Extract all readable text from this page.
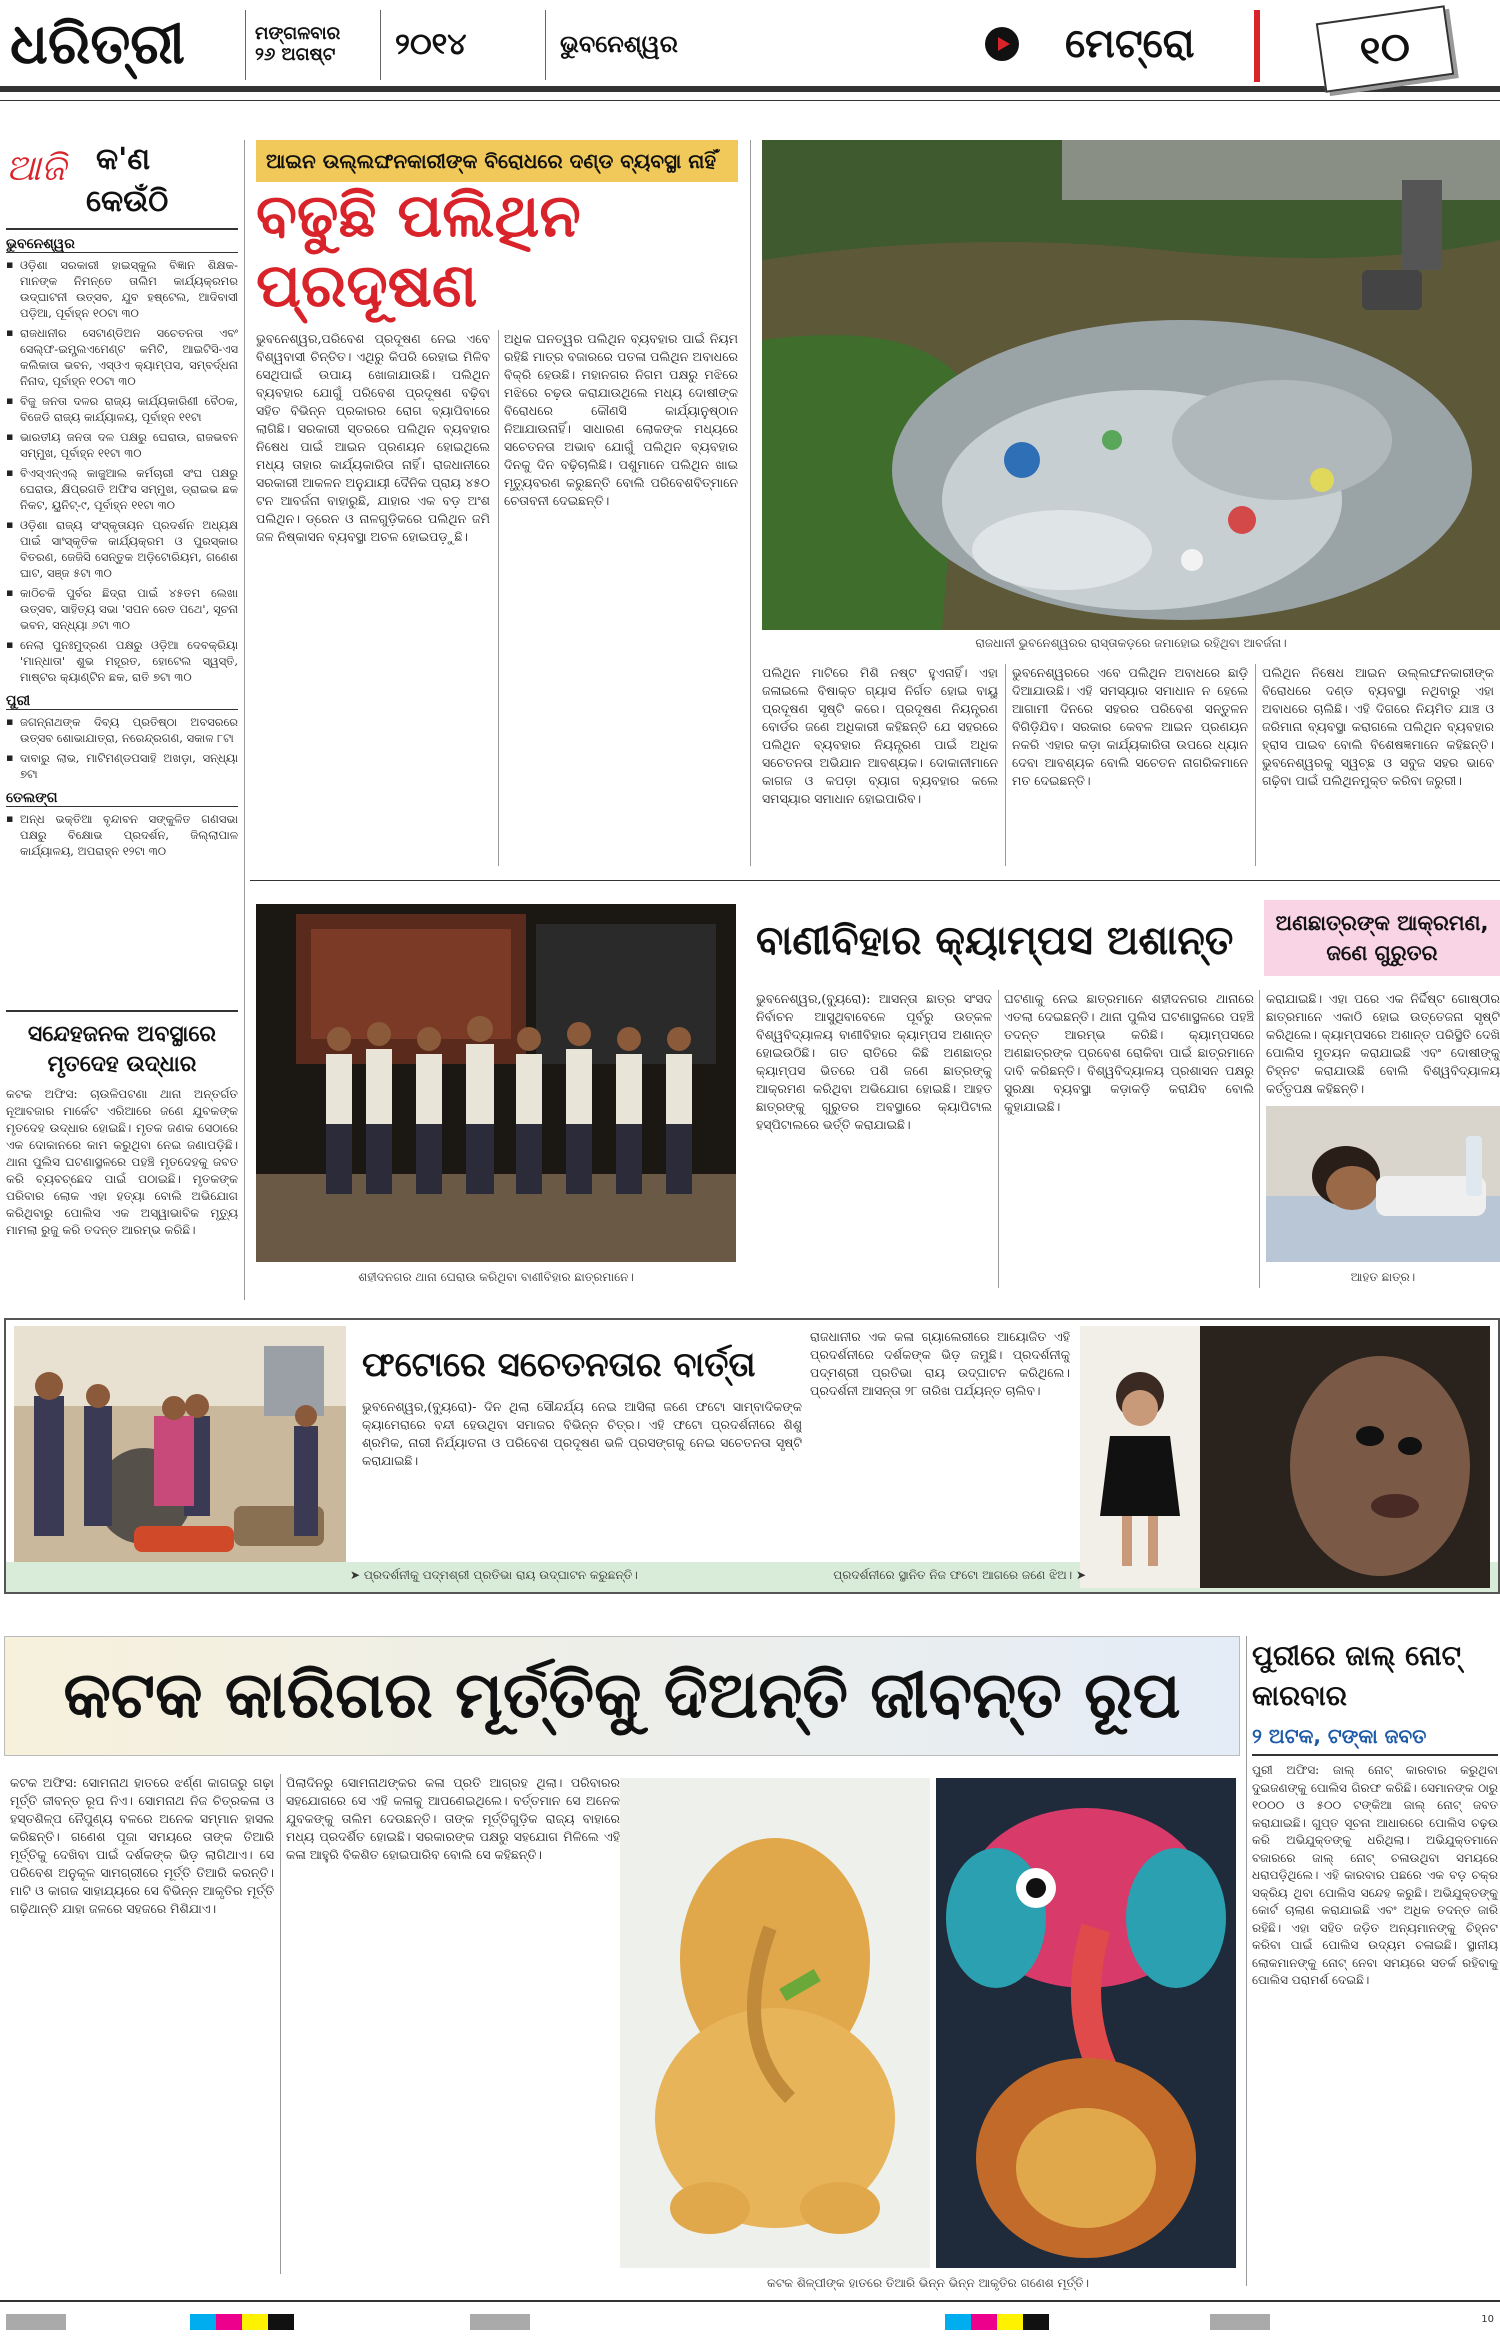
ଧରିତ୍ରୀ	ମଙ୍ଗଳବାର
୨୬ ଅଗଷ୍ଟ ୨୦୧୪	ଭୁବନେଶ୍ୱର	ମେଟ୍ରୋ	୧୦
ଆଜି କ'ଣ
କେଉଁଠି
ଭୁବନେଶ୍ୱର
▪ ଓଡ଼ିଶା ସରକାରୀ ହାଇସ୍କୁଲ ବିଜ୍ଞାନ ଶିକ୍ଷକ-ମାନଙ୍କ ନିମନ୍ତେ ତାଲିମ କାର୍ଯ୍ୟକ୍ରମର ଉଦ୍‌ଘାଟନୀ ଉତ୍ସବ, ଯୁବ ହଷ୍ଟେଲ, ଆଦିବାସୀ ପଡ଼ିଆ, ପୂର୍ବାହ୍ନ ୧୦ଟା ୩୦
▪ ରାଜଧାନୀର ସେଟାଣ୍ଡିଅନ ସଚେତନତା ଏବଂ ସେଲ୍ଫ-ଇମ୍ପ୍ଲଏମେଣ୍ଟ କମିଟି, ଆଇଟିସି-ଏସ କଲିକାତା ଭବନ, ଏସ୍‌ଓଏ କ୍ୟାମ୍ପସ, ସମ୍ବର୍ଦ୍ଧନା ନିନାଦ, ପୂର୍ବାହ୍ନ ୧୦ଟା ୩୦
▪ ବିଜୁ ଜନତା ଦଳର ରାଜ୍ୟ କାର୍ଯ୍ୟକାରିଣୀ ବୈଠକ, ବିଜେଡି ରାଜ୍ୟ କାର୍ଯ୍ୟାଳୟ, ପୂର୍ବାହ୍ନ ୧୧ଟା
▪ ଭାରତୀୟ ଜନତା ଦଳ ପକ୍ଷରୁ ଘେରାଉ, ରାଜଭବନ ସମ୍ମୁଖ, ପୂର୍ବାହ୍ନ ୧୧ଟା ୩୦
▪ ବିଏସ୍‌ଏନ୍‌ଏଲ୍ କାଜୁଆଲ କର୍ମଚାରୀ ସଂଘ ପକ୍ଷରୁ ଘେରାଉ, କ୍ଷିପ୍ରଗତି ଅଫିସ ସମ୍ମୁଖ, ଡ୍ରାଇଭ ଛକ ନିକଟ, ୟୁନିଟ୍-୯, ପୂର୍ବାହ୍ନ ୧୧ଟା ୩୦
▪ ଓଡ଼ିଶା ରାଜ୍ୟ ସଂସ୍କୃତାୟନ ପ୍ରଦର୍ଶନ ଅଧ୍ୟକ୍ଷ ପାଇଁ ସାଂସ୍କୃତିକ କାର୍ଯ୍ୟକ୍ରମ ଓ ପୁରସ୍କାର ବିତରଣ, ଜେଜିସି ସେନ୍ତୁକ ଅଡ଼ିଟୋରିୟମ, ଗଣେଶ ଘାଟ, ସଞ୍ଜ ୫ଟା ୩୦
▪ କାଠିଚକି ପୁର୍ବର ଛିଦ୍ରା ପାଇଁ ୪୫ତମ ଲେଖା ଉତ୍ସବ, ସାହିତ୍ୟ ସଭା 'ସପନ ରେତ ପଥେ', ସୂଚନା ଭବନ, ସନ୍ଧ୍ୟା ୬ଟା ୩୦
▪ ନେଲା ପୁନଃମୁଦ୍ରଣ ପକ୍ଷରୁ ଓଡ଼ିଆ ଦେବକ୍ରିୟା 'ମାନ୍ଧାତା' ଶୁଭ ମହୂରତ, ହୋଟେଲ ସ୍ୱସ୍ତି, ମାଷ୍ଟର କ୍ୟାଣ୍ଟିନ ଛକ, ରାତି ୭ଟା ୩୦
ପୁରୀ
▪ ଜଗନ୍ନାଥଙ୍କ ଦିବ୍ୟ ପ୍ରତିଷ୍ଠା ଅବସରରେ ଉତ୍ସବ ଶୋଭାଯାତ୍ରା, ନରେନ୍ଦ୍ରଗଣ, ସକାଳ ୮ଟା
▪ ଦାବାରୁ ଲାଭ, ମାଟିମଣ୍ଡପସାହି ଅଖଡ଼ା, ସନ୍ଧ୍ୟା ୭ଟା
ତେଲଙ୍ଗ
▪ ଅନ୍ଧ ଭକ୍ତିଆ ବୃନ୍ଦାବନ ସଙ୍କୁଳିତ ଗଣସଭା ପକ୍ଷରୁ ବିକ୍ଷୋଭ ପ୍ରଦର୍ଶନ, ଜିଲ୍ଲାପାଳ କାର୍ଯ୍ୟାଳୟ, ଅପରାହ୍ନ ୧୨ଟା ୩୦
ସନ୍ଦେହଜନକ ଅବସ୍ଥାରେ ମୃତଦେହ ଉଦ୍ଧାର
କଟକ ଅଫିସ: ଚାଉଳିପଟଣା ଥାନା ଅନ୍ତର୍ଗତ ନୂଆବଜାର ମାର୍କେଟ ଏରିଆରେ ଜଣେ ଯୁବକଙ୍କ ମୃତଦେହ ଉଦ୍ଧାର ହୋଇଛି। ମୃତକ ଜଣକ ସେଠାରେ ଏକ ଦୋକାନରେ କାମ କରୁଥିବା ନେଇ ଜଣାପଡ଼ିଛି। ଥାନା ପୁଲିସ ଘଟଣାସ୍ଥଳରେ ପହଞ୍ଚି ମୃତଦେହକୁ ଜବତ କରି ବ୍ୟବଚ୍ଛେଦ ପାଇଁ ପଠାଇଛି। ମୃତକଙ୍କ ପରିବାର ଲୋକ ଏହା ହତ୍ୟା ବୋଲି ଅଭିଯୋଗ କରିଥିବାରୁ ପୋଲିସ ଏକ ଅସ୍ୱାଭାବିକ ମୃତ୍ୟୁ ମାମଲା ରୁଜୁ କରି ତଦନ୍ତ ଆରମ୍ଭ କରିଛି।
ଆଇନ ଉଲ୍ଲଙ୍ଘନକାରୀଙ୍କ ବିରୋଧରେ ଦଣ୍ଡ ବ୍ୟବସ୍ଥା ନାହିଁ
ବଢୁଛି ପଲିଥିନ ପ୍ରଦୂଷଣ
ରାଜଧାନୀ ଭୁବନେଶ୍ୱରର ରାସ୍ତାକଡ଼ରେ ଜମାହୋଇ ରହିଥିବା ଆବର୍ଜନା।
ଭୁବନେଶ୍ୱର,ପରିବେଶ ପ୍ରଦୂଷଣ ନେଇ ଏବେ ବିଶ୍ୱବାସୀ ଚିନ୍ତିତ। ଏଥିରୁ କିପରି ରେହାଇ ମିଳିବ ସେଥିପାଇଁ ଉପାୟ ଖୋଜାଯାଉଛି। ପଲିଥିନ ବ୍ୟବହାର ଯୋଗୁଁ ପରିବେଶ ପ୍ରଦୂଷଣ ବଢ଼ିବା ସହିତ ବିଭିନ୍ନ ପ୍ରକାରର ରୋଗ ବ୍ୟାପିବାରେ ଲାଗିଛି। ସରକାରୀ ସ୍ତରରେ ପଲିଥିନ ବ୍ୟବହାର ନିଷେଧ ପାଇଁ ଆଇନ ପ୍ରଣୟନ ହୋଇଥିଲେ ମଧ୍ୟ ତାହାର କାର୍ଯ୍ୟକାରିତା ନାହିଁ। ରାଜଧାନୀରେ ସରକାରୀ ଆକଳନ ଅନୁଯାୟୀ ଦୈନିକ ପ୍ରାୟ ୪୫୦ ଟନ ଆବର୍ଜନା ବାହାରୁଛି, ଯାହାର ଏକ ବଡ଼ ଅଂଶ ପଲିଥିନ। ଡ୍ରେନ ଓ ନାଳଗୁଡ଼ିକରେ ପଲିଥିନ ଜମି ଜଳ ନିଷ୍କାସନ ବ୍ୟବସ୍ଥା ଅଚଳ ହୋଇପଡ଼ୁଛି।
ଅଧିକ ଘନତ୍ୱର ପଲିଥିନ ବ୍ୟବହାର ପାଇଁ ନିୟମ ରହିଛି ମାତ୍ର ବଜାରରେ ପତଳା ପଲିଥିନ ଅବାଧରେ ବିକ୍ରି ହେଉଛି। ମହାନଗର ନିଗମ ପକ୍ଷରୁ ମଝିରେ ମଝିରେ ଚଢ଼ଉ କରାଯାଉଥିଲେ ମଧ୍ୟ ଦୋଷୀଙ୍କ ବିରୋଧରେ କୌଣସି କାର୍ଯ୍ୟାନୁଷ୍ଠାନ ନିଆଯାଉନାହିଁ। ସାଧାରଣ ଲୋକଙ୍କ ମଧ୍ୟରେ ସଚେତନତା ଅଭାବ ଯୋଗୁଁ ପଲିଥିନ ବ୍ୟବହାର ଦିନକୁ ଦିନ ବଢ଼ିଚାଲିଛି। ପଶୁମାନେ ପଲିଥିନ ଖାଇ ମୃତ୍ୟୁବରଣ କରୁଛନ୍ତି ବୋଲି ପରିବେଶବିତ୍‌ମାନେ ଚେତାବନୀ ଦେଇଛନ୍ତି।
ପଲିଥିନ ମାଟିରେ ମିଶି ନଷ୍ଟ ହୁଏନାହିଁ। ଏହା ଜଳାଇଲେ ବିଷାକ୍ତ ଗ୍ୟାସ ନିର୍ଗତ ହୋଇ ବାୟୁ ପ୍ରଦୂଷଣ ସୃଷ୍ଟି କରେ। ପ୍ରଦୂଷଣ ନିୟନ୍ତ୍ରଣ ବୋର୍ଡର ଜଣେ ଅଧିକାରୀ କହିଛନ୍ତି ଯେ ସହରରେ ପଲିଥିନ ବ୍ୟବହାର ନିୟନ୍ତ୍ରଣ ପାଇଁ ଅଧିକ ସଚେତନତା ଅଭିଯାନ ଆବଶ୍ୟକ। ଦୋକାନୀମାନେ କାଗଜ ଓ କପଡ଼ା ବ୍ୟାଗ ବ୍ୟବହାର କଲେ ସମସ୍ୟାର ସମାଧାନ ହୋଇପାରିବ।
ଭୁବନେଶ୍ୱରରେ ଏବେ ପଲିଥିନ ଅବାଧରେ ଛାଡ଼ି ଦିଆଯାଉଛି। ଏହି ସମସ୍ୟାର ସମାଧାନ ନ ହେଲେ ଆଗାମୀ ଦିନରେ ସହରର ପରିବେଶ ସନ୍ତୁଳନ ବିଗିଡ଼ିଯିବ। ସରକାର କେବଳ ଆଇନ ପ୍ରଣୟନ ନକରି ଏହାର କଡ଼ା କାର୍ଯ୍ୟକାରିତା ଉପରେ ଧ୍ୟାନ ଦେବା ଆବଶ୍ୟକ ବୋଲି ସଚେତନ ନାଗରିକମାନେ ମତ ଦେଇଛନ୍ତି।
ପଲିଥିନ ନିଷେଧ ଆଇନ ଉଲ୍ଲଙ୍ଘନକାରୀଙ୍କ ବିରୋଧରେ ଦଣ୍ଡ ବ୍ୟବସ୍ଥା ନଥିବାରୁ ଏହା ଅବାଧରେ ଚାଲିଛି। ଏହି ଦିଗରେ ନିୟମିତ ଯାଞ୍ଚ ଓ ଜରିମାନା ବ୍ୟବସ୍ଥା କରାଗଲେ ପଲିଥିନ ବ୍ୟବହାର ହ୍ରାସ ପାଇବ ବୋଲି ବିଶେଷଜ୍ଞମାନେ କହିଛନ୍ତି। ଭୁବନେଶ୍ୱରକୁ ସ୍ୱଚ୍ଛ ଓ ସବୁଜ ସହର ଭାବେ ଗଢ଼ିବା ପାଇଁ ପଲିଥିନମୁକ୍ତ କରିବା ଜରୁରୀ।
ଶହୀଦନଗର ଥାନା ଘେରାଉ କରିଥିବା ବାଣୀବିହାର ଛାତ୍ରମାନେ।
ବାଣୀବିହାର କ୍ୟାମ୍ପସ ଅଶାନ୍ତ	ଅଣଛାତ୍ରଙ୍କ ଆକ୍ରମଣ, ଜଣେ ଗୁରୁତର
ଭୁବନେଶ୍ୱର,(ବ୍ୟୁରୋ): ଆସନ୍ତା ଛାତ୍ର ସଂସଦ ନିର୍ବାଚନ ଆସୁଥିବାବେଳେ ପୂର୍ବରୁ ଉତ୍କଳ ବିଶ୍ୱବିଦ୍ୟାଳୟ ବାଣୀବିହାର କ୍ୟାମ୍ପସ ଅଶାନ୍ତ ହୋଇଉଠିଛି। ଗତ ରାତିରେ କିଛି ଅଣଛାତ୍ର କ୍ୟାମ୍ପସ ଭିତରେ ପଶି ଜଣେ ଛାତ୍ରଙ୍କୁ ଆକ୍ରମଣ କରିଥିବା ଅଭିଯୋଗ ହୋଇଛି। ଆହତ ଛାତ୍ରଙ୍କୁ ଗୁରୁତର ଅବସ୍ଥାରେ କ୍ୟାପିଟାଲ ହସ୍ପିଟାଲରେ ଭର୍ତ୍ତି କରାଯାଇଛି।
ଘଟଣାକୁ ନେଇ ଛାତ୍ରମାନେ ଶହୀଦନଗର ଥାନାରେ ଏତଲା ଦେଇଛନ୍ତି। ଥାନା ପୁଲିସ ଘଟଣାସ୍ଥଳରେ ପହଞ୍ଚି ତଦନ୍ତ ଆରମ୍ଭ କରିଛି। କ୍ୟାମ୍ପସରେ ଅଣଛାତ୍ରଙ୍କ ପ୍ରବେଶ ରୋକିବା ପାଇଁ ଛାତ୍ରମାନେ ଦାବି କରିଛନ୍ତି। ବିଶ୍ୱବିଦ୍ୟାଳୟ ପ୍ରଶାସନ ପକ୍ଷରୁ ସୁରକ୍ଷା ବ୍ୟବସ୍ଥା କଡ଼ାକଡ଼ି କରାଯିବ ବୋଲି କୁହାଯାଇଛି।
କରାଯାଇଛି। ଏହା ପରେ ଏକ ନିର୍ଦ୍ଦିଷ୍ଟ ଗୋଷ୍ଠୀର ଛାତ୍ରମାନେ ଏକାଠି ହୋଇ ଉତ୍ତେଜନା ସୃଷ୍ଟି କରିଥିଲେ। କ୍ୟାମ୍ପସରେ ଅଶାନ୍ତ ପରିସ୍ଥିତି ଦେଖି ପୋଲିସ ମୁତୟନ କରାଯାଇଛି ଏବଂ ଦୋଷୀଙ୍କୁ ଚିହ୍ନଟ କରାଯାଉଛି ବୋଲି ବିଶ୍ୱବିଦ୍ୟାଳୟ କର୍ତ୍ତୃପକ୍ଷ କହିଛନ୍ତି।
ଆହତ ଛାତ୍ର।
ଫଟୋରେ ସଚେତନତାର ବାର୍ତ୍ତା
ଭୁବନେଶ୍ୱର,(ବ୍ୟୁରୋ)- ଦିନ ଥିଲା ସୌନ୍ଦର୍ଯ୍ୟ ନେଇ ଆସିଲା ଜଣେ ଫଟୋ ସାମ୍ବାଦିକଙ୍କ କ୍ୟାମେରାରେ ବନ୍ଦୀ ହେଉଥିବା ସମାଜର ବିଭିନ୍ନ ଚିତ୍ର। ଏହି ଫଟୋ ପ୍ରଦର୍ଶନୀରେ ଶିଶୁ ଶ୍ରମିକ, ନାରୀ ନିର୍ଯ୍ୟାତନା ଓ ପରିବେଶ ପ୍ରଦୂଷଣ ଭଳି ପ୍ରସଙ୍ଗକୁ ନେଇ ସଚେତନତା ସୃଷ୍ଟି କରାଯାଇଛି।
ରାଜଧାନୀର ଏକ କଳା ଗ୍ୟାଲେରୀରେ ଆୟୋଜିତ ଏହି ପ୍ରଦର୍ଶନୀରେ ଦର୍ଶକଙ୍କ ଭିଡ଼ ଜମୁଛି। ପ୍ରଦର୍ଶନୀକୁ ପଦ୍ମଶ୍ରୀ ପ୍ରତିଭା ରାୟ ଉଦ୍‌ଘାଟନ କରିଥିଲେ। ପ୍ରଦର୍ଶନୀ ଆସନ୍ତା ୨୮ ତାରିଖ ପର୍ଯ୍ୟନ୍ତ ଚାଲିବ।
➤ ପ୍ରଦର୍ଶନୀକୁ ପଦ୍ମଶ୍ରୀ ପ୍ରତିଭା ରାୟ ଉଦ୍‌ଘାଟନ କରୁଛନ୍ତି।	ପ୍ରଦର୍ଶନୀରେ ସ୍ଥାନିତ ନିଜ ଫଟୋ ଆଗରେ ଜଣେ ଝିଅ। ➤
କଟକ କାରିଗର ମୂର୍ତ୍ତିକୁ ଦିଅନ୍ତି ଜୀବନ୍ତ ରୂପ
କଟକ ଅଫିସ: ସୋମନାଥ ହାତରେ ଝର୍ଣ୍ଣ କାଗଜରୁ ଗଢ଼ା ମୂର୍ତ୍ତି ଜୀବନ୍ତ ରୂପ ନିଏ। ସୋମନାଥ ନିଜ ଚିତ୍ରକଳା ଓ ହସ୍ତଶିଳ୍ପ ନୈପୁଣ୍ୟ ବଳରେ ଅନେକ ସମ୍ମାନ ହାସଲ କରିଛନ୍ତି। ଗଣେଶ ପୂଜା ସମୟରେ ତାଙ୍କ ତିଆରି ମୂର୍ତ୍ତିକୁ ଦେଖିବା ପାଇଁ ଦର୍ଶକଙ୍କ ଭିଡ଼ ଲାଗିଥାଏ। ସେ ପରିବେଶ ଅନୁକୂଳ ସାମଗ୍ରୀରେ ମୂର୍ତ୍ତି ତିଆରି କରନ୍ତି। ମାଟି ଓ କାଗଜ ସାହାଯ୍ୟରେ ସେ ବିଭିନ୍ନ ଆକୃତିର ମୂର୍ତ୍ତି ଗଢ଼ିଥାନ୍ତି ଯାହା ଜଳରେ ସହଜରେ ମିଶିଯାଏ।
ପିଲାଦିନରୁ ସୋମନାଥଙ୍କର କଳା ପ୍ରତି ଆଗ୍ରହ ଥିଲା। ପରିବାରର ସହଯୋଗରେ ସେ ଏହି କଳାକୁ ଆପଣେଇଥିଲେ। ବର୍ତ୍ତମାନ ସେ ଅନେକ ଯୁବକଙ୍କୁ ତାଲିମ ଦେଉଛନ୍ତି। ତାଙ୍କ ମୂର୍ତ୍ତିଗୁଡ଼ିକ ରାଜ୍ୟ ବାହାରେ ମଧ୍ୟ ପ୍ରଦର୍ଶିତ ହୋଇଛି। ସରକାରଙ୍କ ପକ୍ଷରୁ ସହଯୋଗ ମିଳିଲେ ଏହି କଳା ଆହୁରି ବିକଶିତ ହୋଇପାରିବ ବୋଲି ସେ କହିଛନ୍ତି।
କଟକ ଶିଳ୍ପୀଙ୍କ ହାତରେ ତିଆରି ଭିନ୍ନ ଭିନ୍ନ ଆକୃତିର ଗଣେଶ ମୂର୍ତ୍ତି।
ପୁରୀରେ ଜାଲ୍ ନୋଟ୍ କାରବାର
୨ ଅଟକ, ଟଙ୍କା ଜବତ
ପୁରୀ ଅଫିସ: ଜାଲ୍ ନୋଟ୍ କାରବାର କରୁଥିବା ଦୁଇଜଣଙ୍କୁ ପୋଲିସ ଗିରଫ କରିଛି। ସେମାନଙ୍କ ଠାରୁ ୧୦୦୦ ଓ ୫୦୦ ଟଙ୍କିଆ ଜାଲ୍ ନୋଟ୍ ଜବତ କରାଯାଇଛି। ଗୁପ୍ତ ସୂଚନା ଆଧାରରେ ପୋଲିସ ଚଢ଼ଉ କରି ଅଭିଯୁକ୍ତଙ୍କୁ ଧରିଥିଲା। ଅଭିଯୁକ୍ତମାନେ ବଜାରରେ ଜାଲ୍ ନୋଟ୍ ଚଳାଉଥିବା ସମୟରେ ଧରାପଡ଼ିଥିଲେ। ଏହି କାରବାର ପଛରେ ଏକ ବଡ଼ ଚକ୍ର ସକ୍ରିୟ ଥିବା ପୋଲିସ ସନ୍ଦେହ କରୁଛି। ଅଭିଯୁକ୍ତଙ୍କୁ କୋର୍ଟ ଚାଲାଣ କରାଯାଇଛି ଏବଂ ଅଧିକ ତଦନ୍ତ ଜାରି ରହିଛି। ଏହା ସହିତ ଜଡ଼ିତ ଅନ୍ୟମାନଙ୍କୁ ଚିହ୍ନଟ କରିବା ପାଇଁ ପୋଲିସ ଉଦ୍ୟମ ଚଳାଇଛି। ସ୍ଥାନୀୟ ଲୋକମାନଙ୍କୁ ନୋଟ୍ ନେବା ସମୟରେ ସତର୍କ ରହିବାକୁ ପୋଲିସ ପରାମର୍ଶ ଦେଇଛି।
10
